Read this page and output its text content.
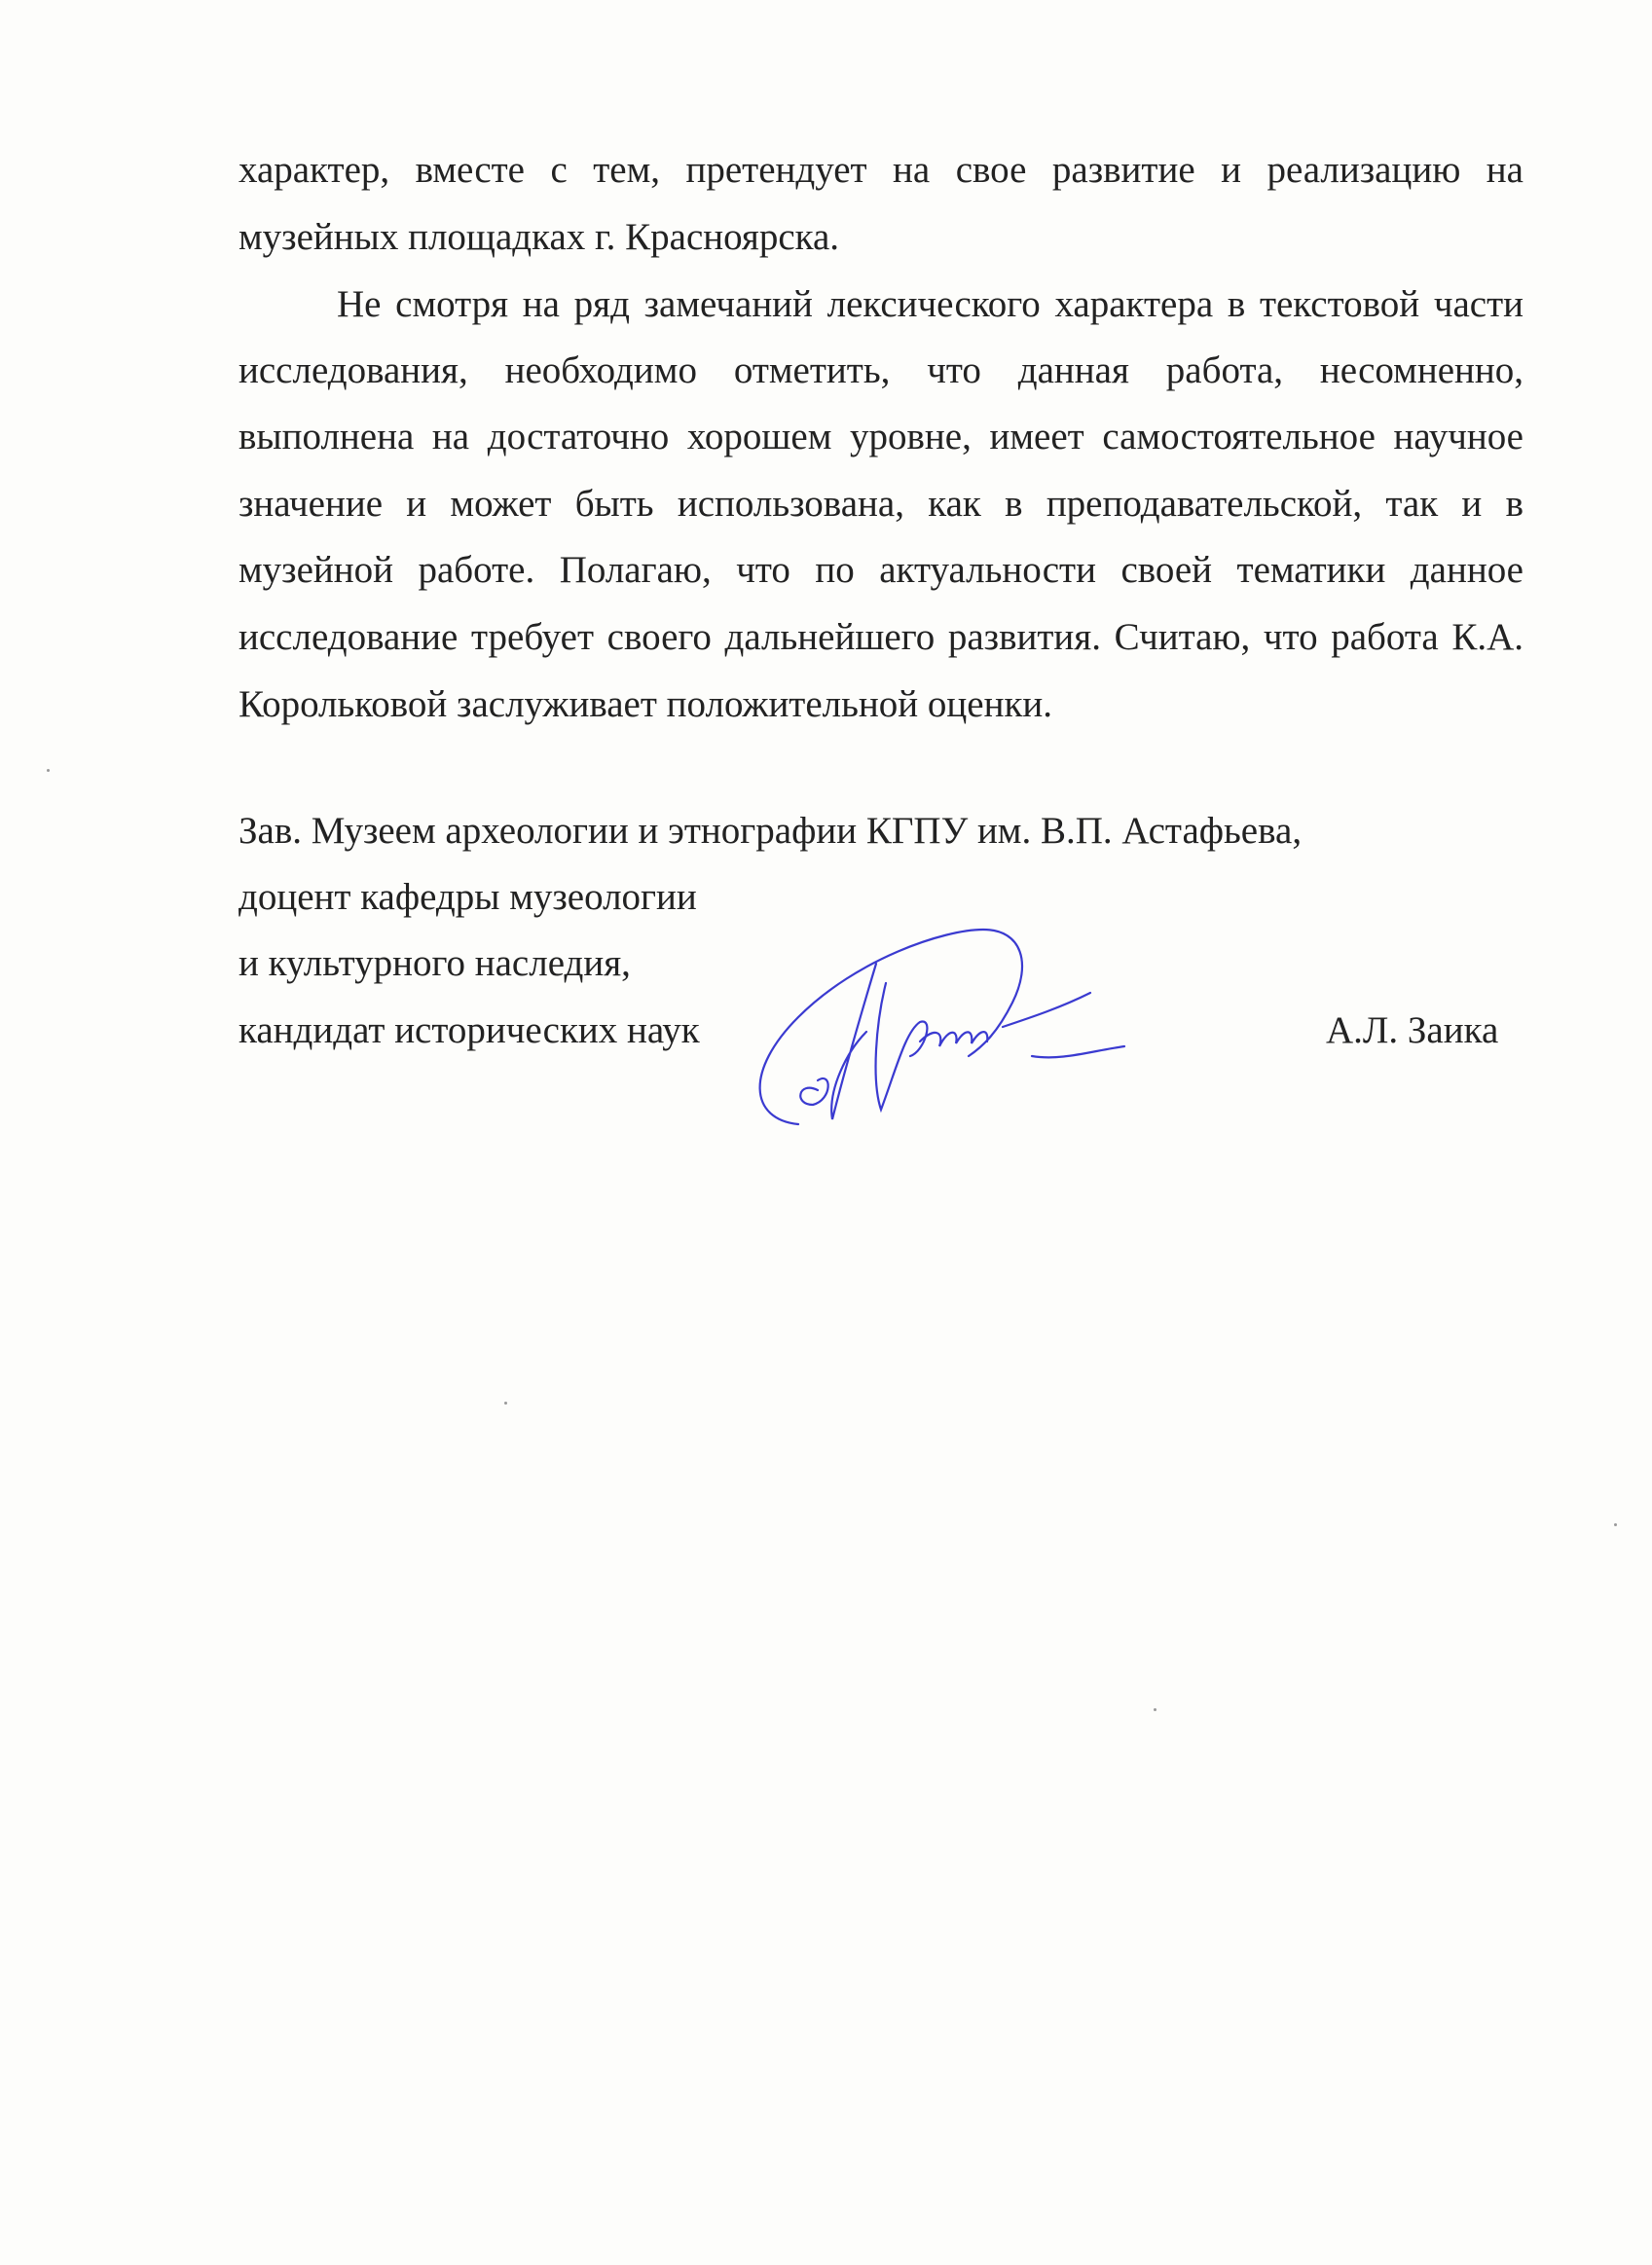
характер, вместе с тем, претендует на свое развитие и реализацию на
музейных площадках г. Красноярска.
Не смотря на ряд замечаний лексического характера в текстовой части
исследования, необходимо отметить, что данная работа, несомненно,
выполнена на достаточно хорошем уровне, имеет самостоятельное научное
значение и может быть использована, как в преподавательской, так и в
музейной работе. Полагаю, что по актуальности своей тематики данное
исследование требует своего дальнейшего развития. Считаю, что работа К.А.
Корольковой заслуживает положительной оценки.
Зав. Музеем археологии и этнографии КГПУ им. В.П. Астафьева,
доцент кафедры музеологии
и культурного наследия,
кандидат исторических наук	А.Л. Заика
